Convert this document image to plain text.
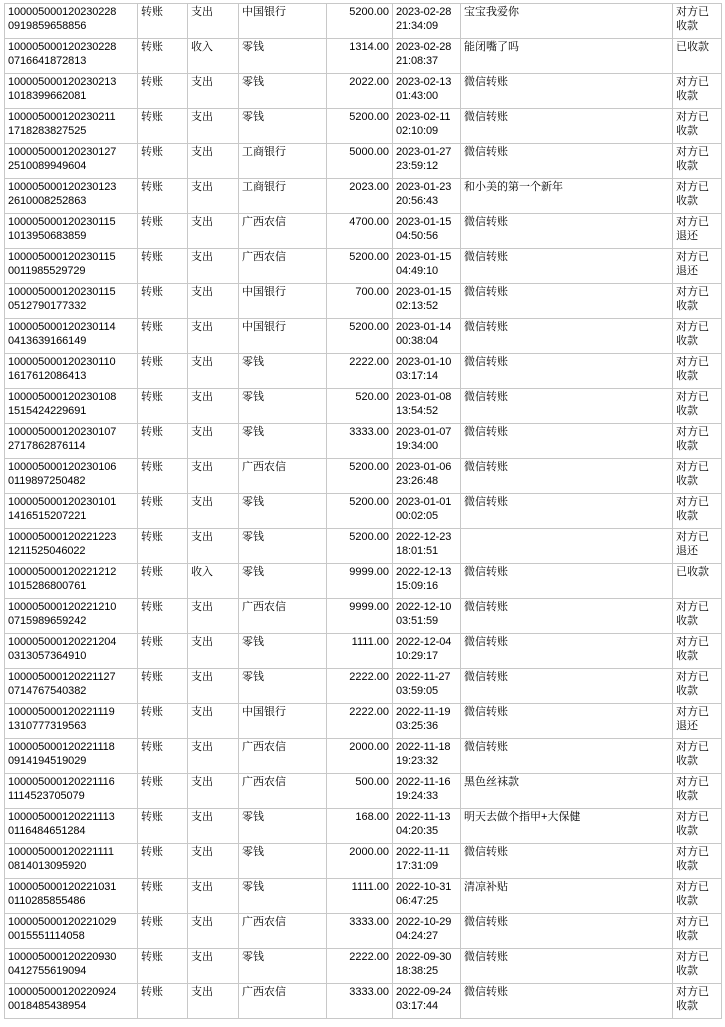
100005000120230228 0919859658856	转账	支出	中国银行	5200.00	2023-02-28
21:34:09	宝宝我爱你	对方已收款
100005000120230228 0716641872813	转账	收入	零钱	1314.00	2023-02-28
21:08:37	能闭嘴了吗	已收款
100005000120230213 1018399662081	转账	支出	零钱	2022.00	2023-02-13
01:43:00	微信转账	对方已收款
100005000120230211 1718283827525	转账	支出	零钱	5200.00	2023-02-11
02:10:09	微信转账	对方已收款
100005000120230127 2510089949604	转账	支出	工商银行	5000.00	2023-01-27
23:59:12	微信转账	对方已收款
100005000120230123 2610008252863	转账	支出	工商银行	2023.00	2023-01-23
20:56:43	和小美的第一个新年	对方已收款
100005000120230115 1013950683859	转账	支出	广西农信	4700.00	2023-01-15
04:50:56	微信转账	对方已退还
100005000120230115 0011985529729	转账	支出	广西农信	5200.00	2023-01-15
04:49:10	微信转账	对方已退还
100005000120230115 0512790177332	转账	支出	中国银行	700.00	2023-01-15
02:13:52	微信转账	对方已收款
100005000120230114 0413639166149	转账	支出	中国银行	5200.00	2023-01-14
00:38:04	微信转账	对方已收款
100005000120230110 1617612086413	转账	支出	零钱	2222.00	2023-01-10
03:17:14	微信转账	对方已收款
100005000120230108 1515424229691	转账	支出	零钱	520.00	2023-01-08
13:54:52	微信转账	对方已收款
100005000120230107 2717862876114	转账	支出	零钱	3333.00	2023-01-07
19:34:00	微信转账	对方已收款
100005000120230106 0119897250482	转账	支出	广西农信	5200.00	2023-01-06
23:26:48	微信转账	对方已收款
100005000120230101 1416515207221	转账	支出	零钱	5200.00	2023-01-01
00:02:05	微信转账	对方已收款
100005000120221223 1211525046022	转账	支出	零钱	5200.00	2022-12-23
18:01:51		对方已退还
100005000120221212 1015286800761	转账	收入	零钱	9999.00	2022-12-13
15:09:16	微信转账	已收款
100005000120221210 0715989659242	转账	支出	广西农信	9999.00	2022-12-10
03:51:59	微信转账	对方已收款
100005000120221204 0313057364910	转账	支出	零钱	1111.00	2022-12-04
10:29:17	微信转账	对方已收款
100005000120221127 0714767540382	转账	支出	零钱	2222.00	2022-11-27
03:59:05	微信转账	对方已收款
100005000120221119 1310777319563	转账	支出	中国银行	2222.00	2022-11-19
03:25:36	微信转账	对方已退还
100005000120221118 0914194519029	转账	支出	广西农信	2000.00	2022-11-18
19:23:32	微信转账	对方已收款
100005000120221116 1114523705079	转账	支出	广西农信	500.00	2022-11-16
19:24:33	黑色丝袜款	对方已收款
100005000120221113 0116484651284	转账	支出	零钱	168.00	2022-11-13
04:20:35	明天去做个指甲+大保健	对方已收款
100005000120221111 0814013095920	转账	支出	零钱	2000.00	2022-11-11
17:31:09	微信转账	对方已收款
100005000120221031 0110285855486	转账	支出	零钱	1111.00	2022-10-31
06:47:25	清凉补贴	对方已收款
100005000120221029 0015551114058	转账	支出	广西农信	3333.00	2022-10-29
04:24:27	微信转账	对方已收款
100005000120220930 0412755619094	转账	支出	零钱	2222.00	2022-09-30
18:38:25	微信转账	对方已收款
100005000120220924 0018485438954	转账	支出	广西农信	3333.00	2022-09-24
03:17:44	微信转账	对方已收款
